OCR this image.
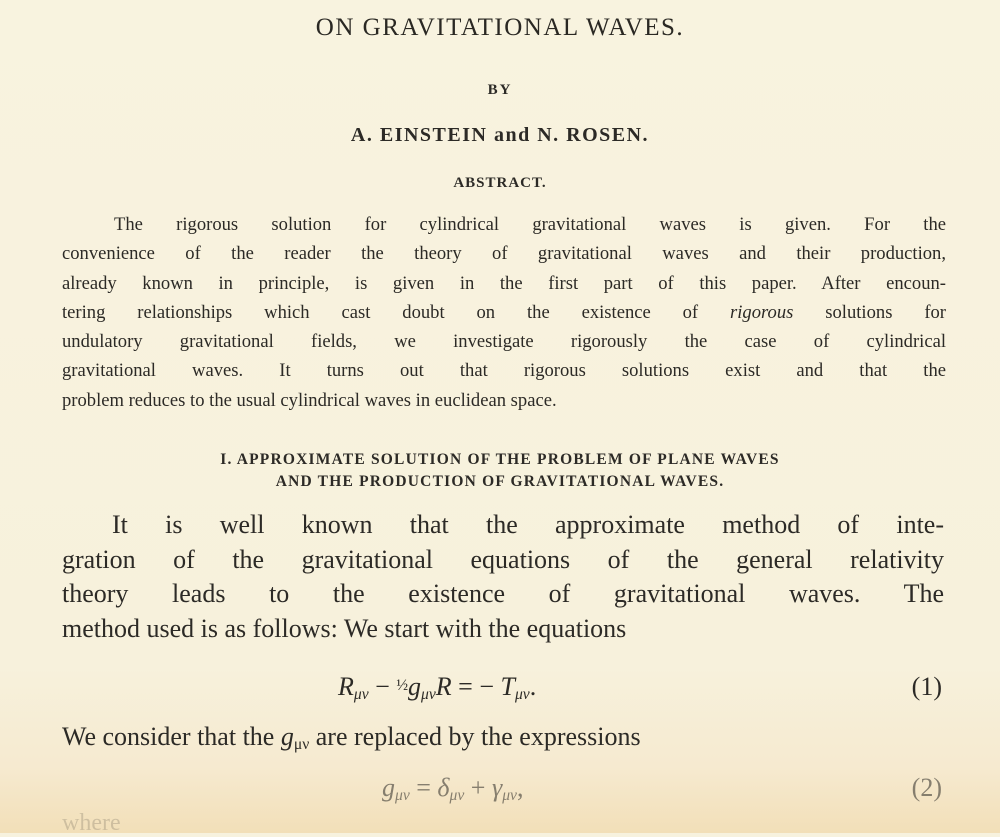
ON GRAVITATIONAL WAVES.
BY
A. EINSTEIN and N. ROSEN.
ABSTRACT.
The rigorous solution for cylindrical gravitational waves is given. For the
convenience of the reader the theory of gravitational waves and their production,
already known in principle, is given in the first part of this paper. After encoun-
tering relationships which cast doubt on the existence of rigorous solutions for
undulatory gravitational fields, we investigate rigorously the case of cylindrical
gravitational waves. It turns out that rigorous solutions exist and that the
problem reduces to the usual cylindrical waves in euclidean space.
I. APPROXIMATE SOLUTION OF THE PROBLEM OF PLANE WAVES
AND THE PRODUCTION OF GRAVITATIONAL WAVES.
It is well known that the approximate method of inte-
gration of the gravitational equations of the general relativity
theory leads to the existence of gravitational waves. The
method used is as follows: We start with the equations
$R_{\mu\nu}$ − $\frac{1}{2}g_{\mu\nu}R$ = − $T_{\mu\nu}$.	(1)
We consider that the $g_{\mu\nu}$ are replaced by the expressions
$g_{\mu\nu} = \delta_{\mu\nu} + \gamma_{\mu\nu}$,	(2)
where
